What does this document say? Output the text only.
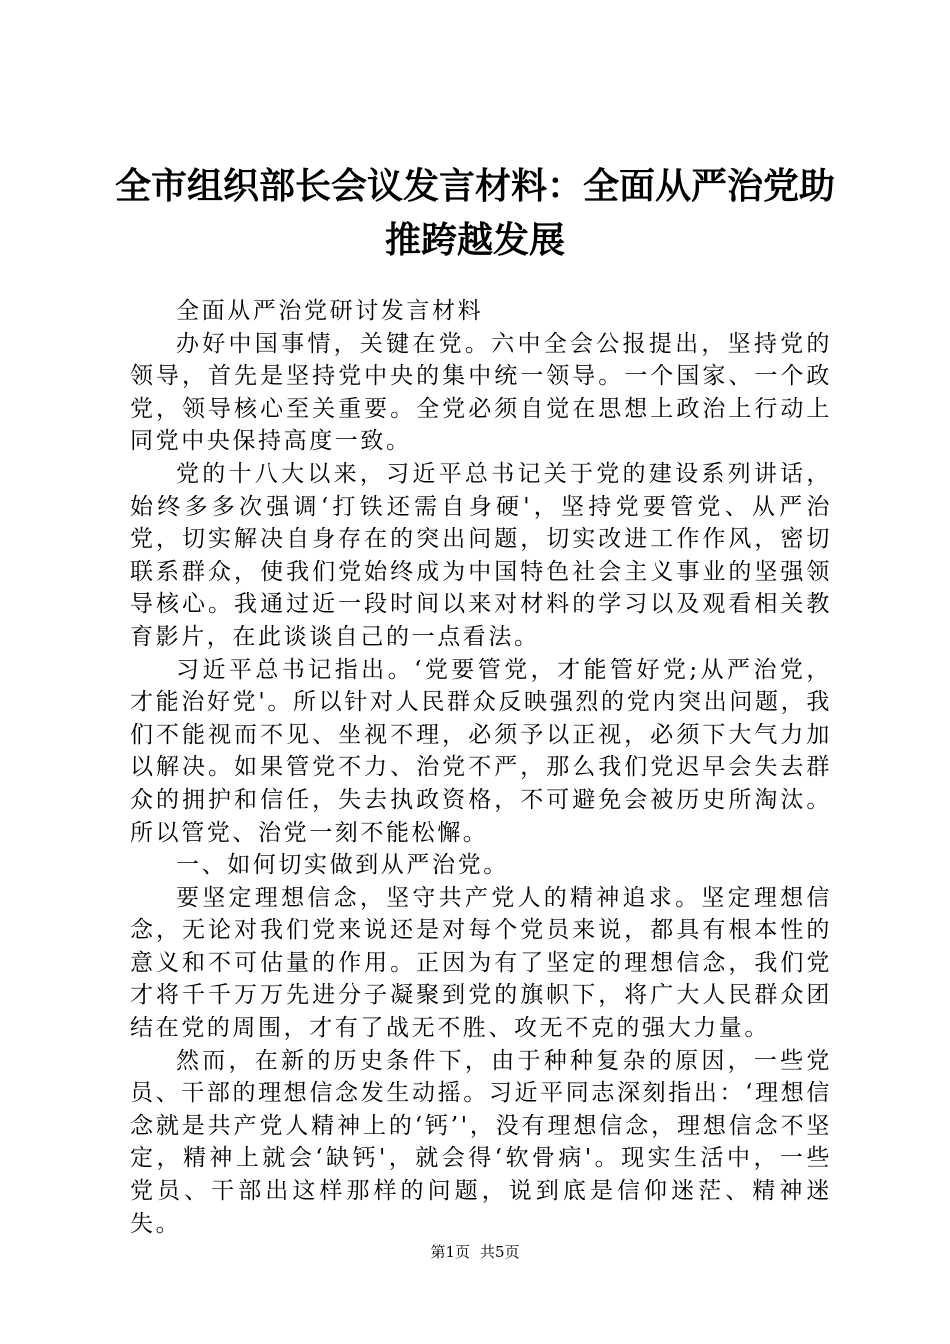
全市组织部长会议发言材料：全面从严治党助
推跨越发展

全面从严治党研讨发言材料

办好中国事情，关键在党。六中全会公报提出，坚持党的领导，首先是坚持党中央的集中统一领导。一个国家、一个政党，领导核心至关重要。全党必须自觉在思想上政治上行动上同党中央保持高度一致。

党的十八大以来，习近平总书记关于党的建设系列讲话，始终多多次强调‘打铁还需自身硬'，坚持党要管党、从严治党，切实解决自身存在的突出问题，切实改进工作作风，密切联系群众，使我们党始终成为中国特色社会主义事业的坚强领导核心。我通过近一段时间以来对材料的学习以及观看相关教育影片，在此谈谈自己的一点看法。

习近平总书记指出。‘党要管党，才能管好党;从严治党，才能治好党'。所以针对人民群众反映强烈的党内突出问题，我们不能视而不见、坐视不理，必须予以正视，必须下大气力加以解决。如果管党不力、治党不严，那么我们党迟早会失去群众的拥护和信任，失去执政资格，不可避免会被历史所淘汰。所以管党、治党一刻不能松懈。

一、如何切实做到从严治党。

要坚定理想信念，坚守共产党人的精神追求。坚定理想信念，无论对我们党来说还是对每个党员来说，都具有根本性的意义和不可估量的作用。正因为有了坚定的理想信念，我们党才将千千万万先进分子凝聚到党的旗帜下，将广大人民群众团结在党的周围，才有了战无不胜、攻无不克的强大力量。

然而，在新的历史条件下，由于种种复杂的原因，一些党员、干部的理想信念发生动摇。习近平同志深刻指出：‘理想信念就是共产党人精神上的‘钙’'，没有理想信念，理想信念不坚定，精神上就会‘缺钙'，就会得‘软骨病'。现实生活中，一些党员、干部出这样那样的问题，说到底是信仰迷茫、精神迷失。

第1页 共5页
